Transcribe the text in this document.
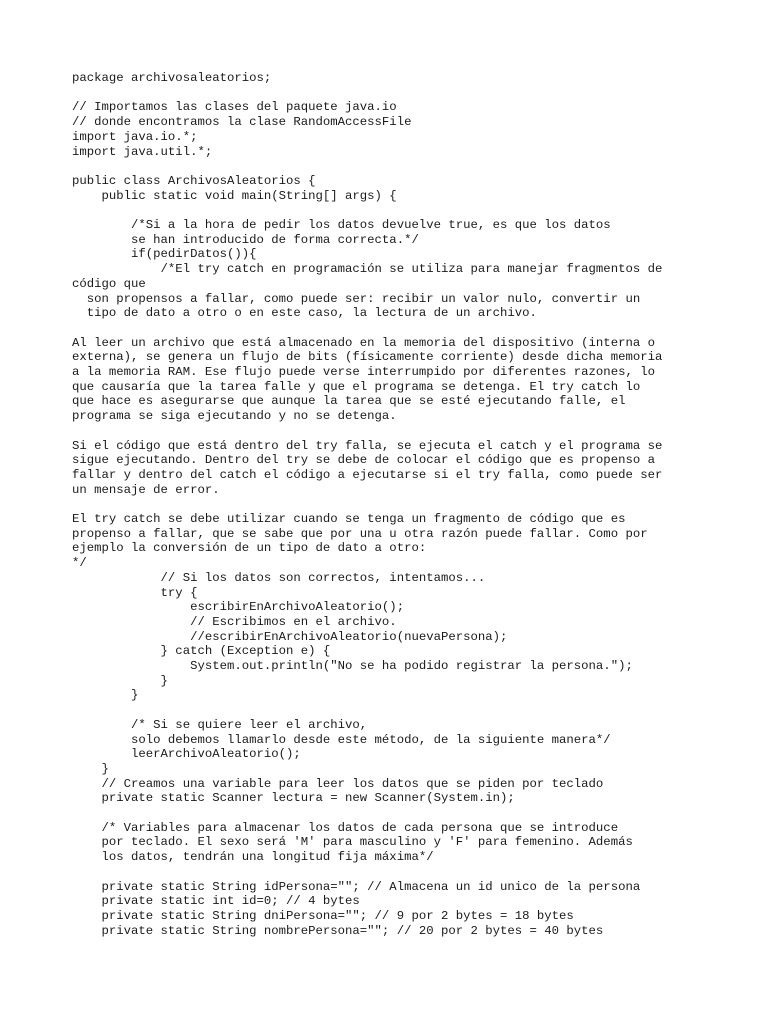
package archivosaleatorios;
// Importamos las clases del paquete java.io
// donde encontramos la clase RandomAccessFile
import java.io.*;
import java.util.*;
public class ArchivosAleatorios {
public static void main(String[] args) {
/*Si a la hora de pedir los datos devuelve true, es que los datos
se han introducido de forma correcta.*/
if(pedirDatos()){
/*El try catch en programación se utiliza para manejar fragmentos de
código que
son propensos a fallar, como puede ser: recibir un valor nulo, convertir un
tipo de dato a otro o en este caso, la lectura de un archivo.
Al leer un archivo que está almacenado en la memoria del dispositivo (interna o
externa), se genera un flujo de bits (físicamente corriente) desde dicha memoria
a la memoria RAM. Ese flujo puede verse interrumpido por diferentes razones, lo
que causaría que la tarea falle y que el programa se detenga. El try catch lo
que hace es asegurarse que aunque la tarea que se esté ejecutando falle, el
programa se siga ejecutando y no se detenga.
Si el código que está dentro del try falla, se ejecuta el catch y el programa se
sigue ejecutando. Dentro del try se debe de colocar el código que es propenso a
fallar y dentro del catch el código a ejecutarse si el try falla, como puede ser
un mensaje de error.
El try catch se debe utilizar cuando se tenga un fragmento de código que es
propenso a fallar, que se sabe que por una u otra razón puede fallar. Como por
ejemplo la conversión de un tipo de dato a otro:
*/
// Si los datos son correctos, intentamos...
try {
escribirEnArchivoAleatorio();
// Escribimos en el archivo.
//escribirEnArchivoAleatorio(nuevaPersona);
} catch (Exception e) {
System.out.println("No se ha podido registrar la persona.");
}
}
/* Si se quiere leer el archivo,
solo debemos llamarlo desde este método, de la siguiente manera*/
leerArchivoAleatorio();
}
// Creamos una variable para leer los datos que se piden por teclado
private static Scanner lectura = new Scanner(System.in);
/* Variables para almacenar los datos de cada persona que se introduce
por teclado. El sexo será 'M' para masculino y 'F' para femenino. Además
los datos, tendrán una longitud fija máxima*/
private static String idPersona=""; // Almacena un id unico de la persona
private static int id=0; // 4 bytes
private static String dniPersona=""; // 9 por 2 bytes = 18 bytes
private static String nombrePersona=""; // 20 por 2 bytes = 40 bytes
